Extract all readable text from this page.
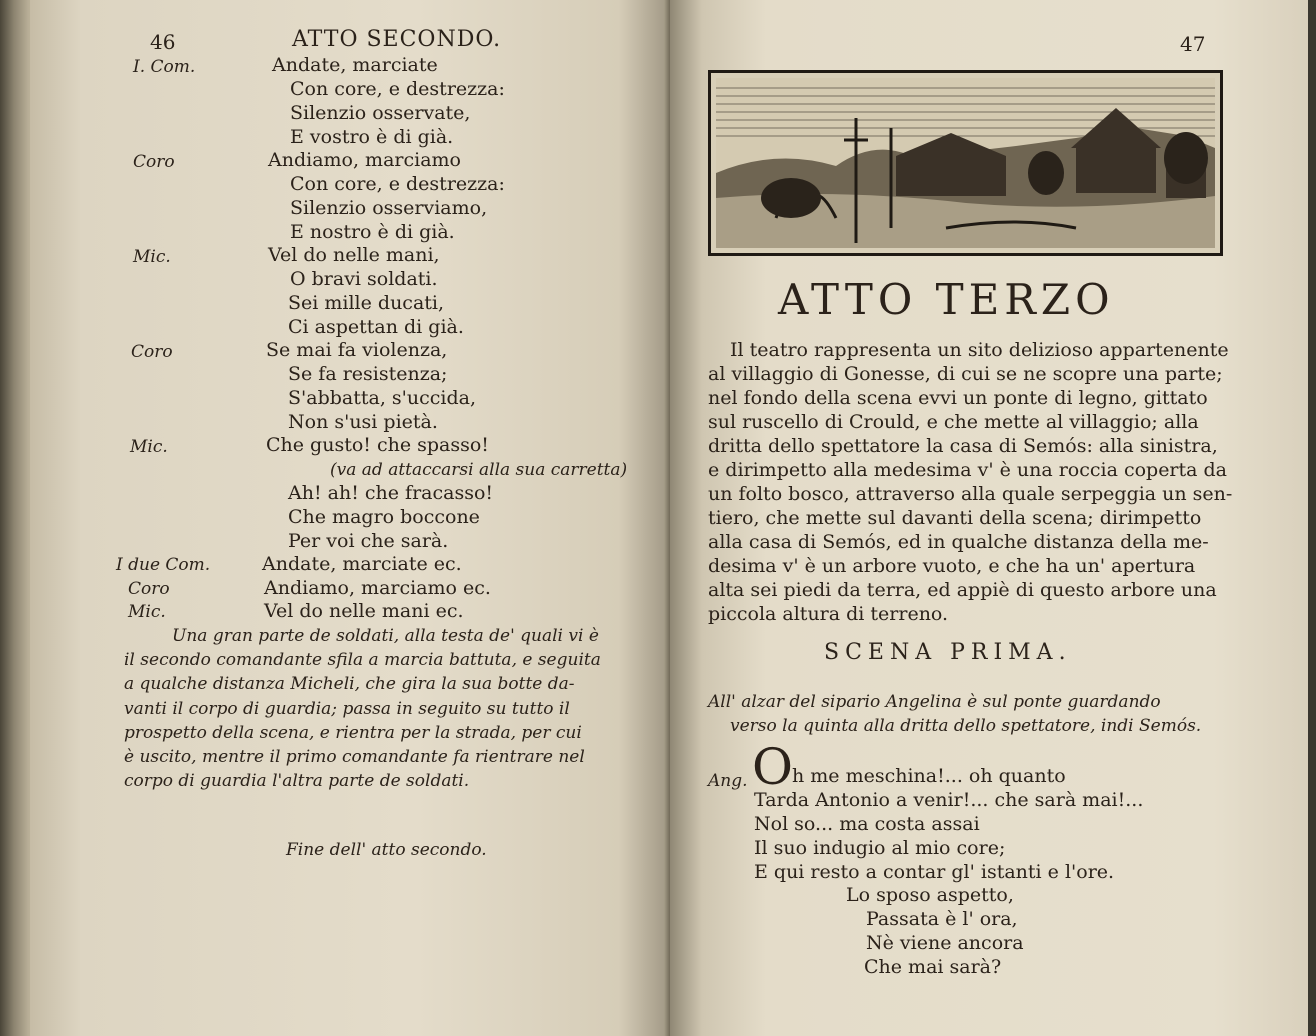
46	ATTO SECONDO.
I. Com.
Coro
Mic.
Coro
Mic.
I due Com.
Coro
Mic.
Andate, marciate
Con core, e destrezza:
Silenzio osservate,
E vostro è di già.
Andiamo, marciamo
Con core, e destrezza:
Silenzio osserviamo,
E nostro è di già.
Vel do nelle mani,
O bravi soldati.
Sei mille ducati,
Ci aspettan di già.
Se mai fa violenza,
Se fa resistenza;
S'abbatta, s'uccida,
Non s'usi pietà.
Che gusto! che spasso!
(va ad attaccarsi alla sua carretta)
Ah! ah! che fracasso!
Che magro boccone
Per voi che sarà.
Andate, marciate ec.
Andiamo, marciamo ec.
Vel do nelle mani ec.
Una gran parte de soldati, alla testa de' quali vi è
il secondo comandante sfila a marcia battuta, e seguita
a qualche distanza Micheli, che gira la sua botte da-
vanti il corpo di guardia; passa in seguito su tutto il
prospetto della scena, e rientra per la strada, per cui
è uscito, mentre il primo comandante fa rientrare nel
corpo di guardia l'altra parte de soldati.
Fine dell' atto secondo.
47
ATTO TERZO
Il teatro rappresenta un sito delizioso appartenente
al villaggio di Gonesse, di cui se ne scopre una parte;
nel fondo della scena evvi un ponte di legno, gittato
sul ruscello di Crould, e che mette al villaggio; alla
dritta dello spettatore la casa di Semós: alla sinistra,
e dirimpetto alla medesima v' è una roccia coperta da
un folto bosco, attraverso alla quale serpeggia un sen-
tiero, che mette sul davanti della scena; dirimpetto
alla casa di Semós, ed in qualche distanza della me-
desima v' è un arbore vuoto, e che ha un' apertura
alta sei piedi da terra, ed appiè di questo arbore una
piccola altura di terreno.
SCENA PRIMA.
All' alzar del sipario Angelina è sul ponte guardando
verso la quinta alla dritta dello spettatore, indi Semós.
Ang. O h me meschina!... oh quanto
Tarda Antonio a venir!... che sarà mai!...
Nol so... ma costa assai
Il suo indugio al mio core;
E qui resto a contar gl' istanti e l'ore.
Lo sposo aspetto,
Passata è l' ora,
Nè viene ancora
Che mai sarà?
